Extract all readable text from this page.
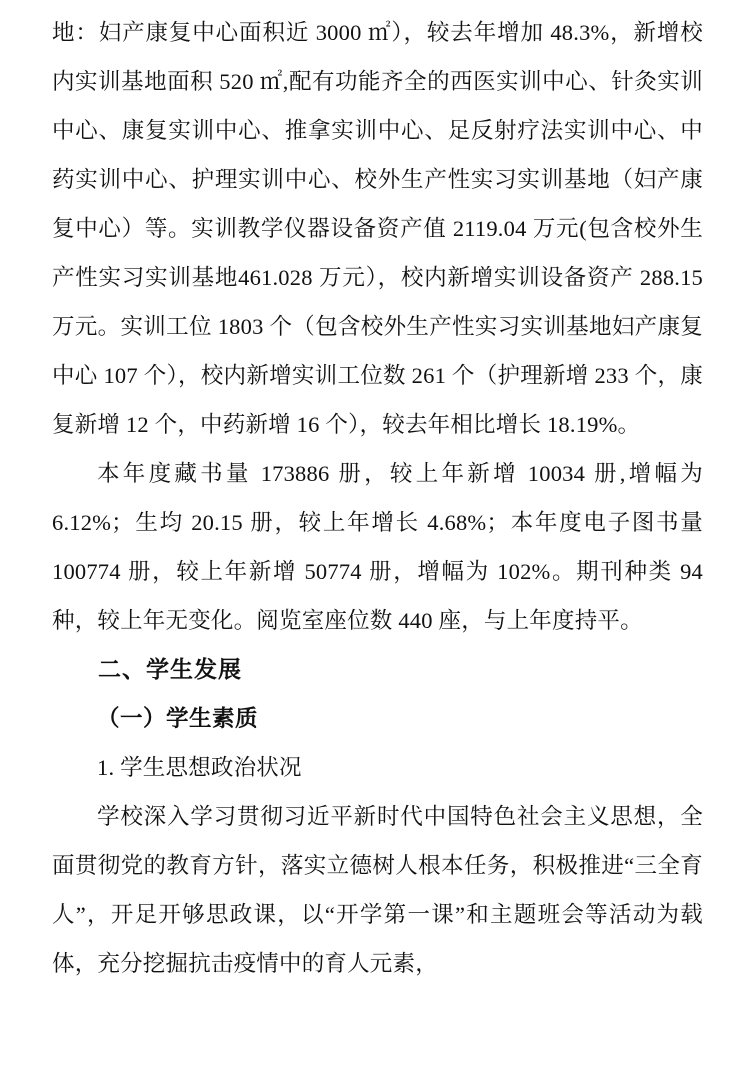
地：妇产康复中心面积近 3000 ㎡），较去年增加 48.3%，新增校内实训基地面积 520 ㎡,配有功能齐全的西医实训中心、针灸实训中心、康复实训中心、推拿实训中心、足反射疗法实训中心、中药实训中心、护理实训中心、校外生产性实习实训基地（妇产康复中心）等。实训教学仪器设备资产值 2119.04 万元(包含校外生产性实习实训基地461.028 万元），校内新增实训设备资产 288.15 万元。实训工位 1803 个（包含校外生产性实习实训基地妇产康复中心 107 个），校内新增实训工位数 261 个（护理新增 233 个，康复新增 12 个，中药新增 16 个），较去年相比增长 18.19%。

本年度藏书量 173886 册，较上年新增 10034 册,增幅为 6.12%；生均 20.15 册，较上年增长 4.68%；本年度电子图书量 100774 册，较上年新增 50774 册，增幅为 102%。期刊种类 94 种，较上年无变化。阅览室座位数 440 座，与上年度持平。

二、学生发展

（一）学生素质

1. 学生思想政治状况

学校深入学习贯彻习近平新时代中国特色社会主义思想，全面贯彻党的教育方针，落实立德树人根本任务，积极推进“三全育人”，开足开够思政课，以“开学第一课”和主题班会等活动为载体，充分挖掘抗击疫情中的育人元素，
